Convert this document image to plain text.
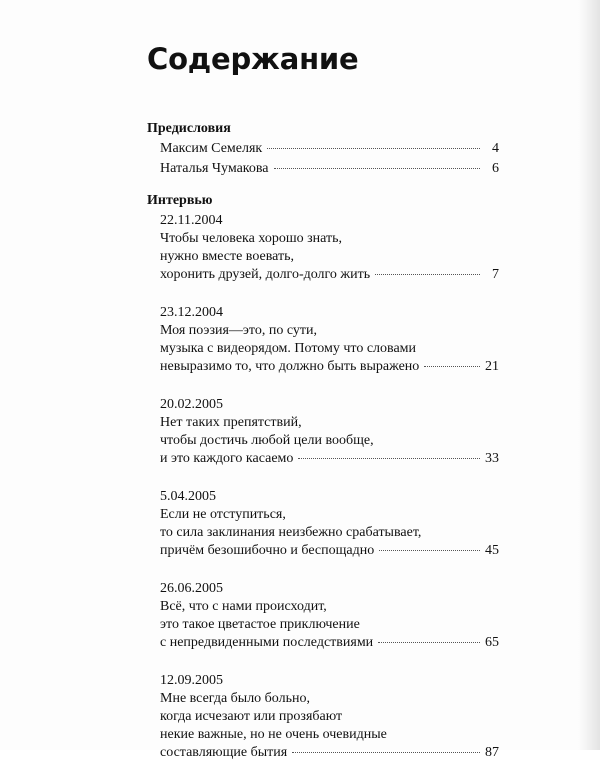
Содержание
Предисловия
Максим Семеляк	4
Наталья Чумакова	6
Интервью
22.11.2004
Чтобы человека хорошо знать,
нужно вместе воевать,
хоронить друзей, долго-долго жить	7
23.12.2004
Моя поэзия—это, по сути,
музыка с видеорядом. Потому что словами
невыразимо то, что должно быть выражено	21
20.02.2005
Нет таких препятствий,
чтобы достичь любой цели вообще,
и это каждого касаемо	33
5.04.2005
Если не отступиться,
то сила заклинания неизбежно срабатывает,
причём безошибочно и беспощадно	45
26.06.2005
Всё, что с нами происходит,
это такое цветастое приключение
с непредвиденными последствиями	65
12.09.2005
Мне всегда было больно,
когда исчезают или прозябают
некие важные, но не очень очевидные
составляющие бытия	87
